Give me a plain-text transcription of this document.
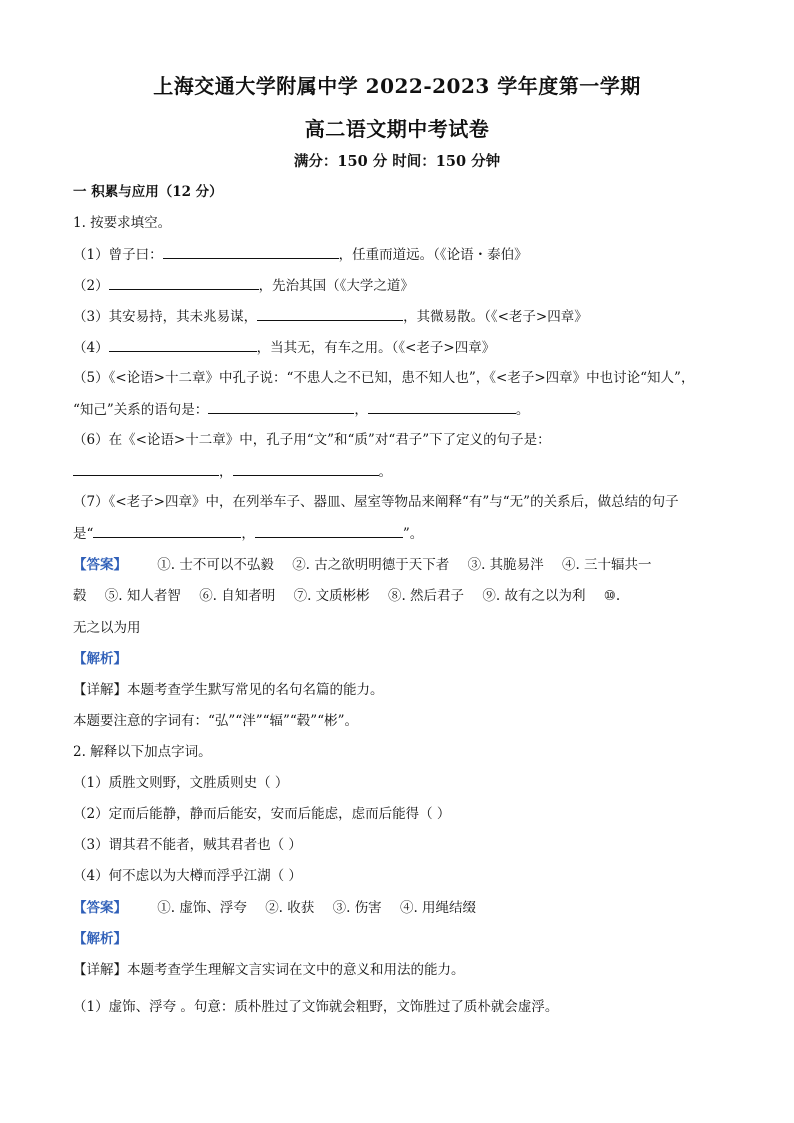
上海交通大学附属中学 2022-2023 学年度第一学期
高二语文期中考试卷
满分：150 分 时间：150 分钟
一 积累与应用（12 分）
1. 按要求填空。
（1）曾子曰：	，任重而道远。（《论语・泰伯》
（2）	，先治其国（《大学之道》
（3）其安易持，其未兆易谋，	，其微易散。（《<老子>四章》
（4）	，当其无，有车之用。（《<老子>四章》
（5）《<论语>十二章》中孔子说：“不患人之不已知，患不知人也”，《<老子>四章》中也讨论“知人”，
“知己”关系的语句是：	，	。
（6）在《<论语>十二章》中，孔子用“文”和“质”对“君子”下了定义的句子是：
，	。
（7）《<老子>四章》中，在列举车子、器皿、屋室等物品来阐释“有”与“无”的关系后，做总结的句子
是“	，	”。
【答案】 ①. 士不可以不弘毅 ②. 古之欲明明德于天下者 ③. 其脆易泮 ④. 三十辐共一
毂 ⑤. 知人者智 ⑥. 自知者明 ⑦. 文质彬彬 ⑧. 然后君子 ⑨. 故有之以为利 ⑩.
无之以为用
【解析】
【详解】本题考查学生默写常见的名句名篇的能力。
本题要注意的字词有：“弘”“泮”“辐”“毂”“彬”。
2. 解释以下加点字词。
（1）质胜文则野，文胜质则史（ ）
（2）定而后能静，静而后能安，安而后能虑，虑而后能得（ ）
（3）谓其君不能者，贼其君者也（ ）
（4）何不虑以为大樽而浮乎江湖（ ）
【答案】 ①. 虚饰、浮夸 ②. 收获 ③. 伤害 ④. 用绳结缀
【解析】
【详解】本题考查学生理解文言实词在文中的意义和用法的能力。
（1）虚饰、浮夸 。句意：质朴胜过了文饰就会粗野，文饰胜过了质朴就会虚浮。
